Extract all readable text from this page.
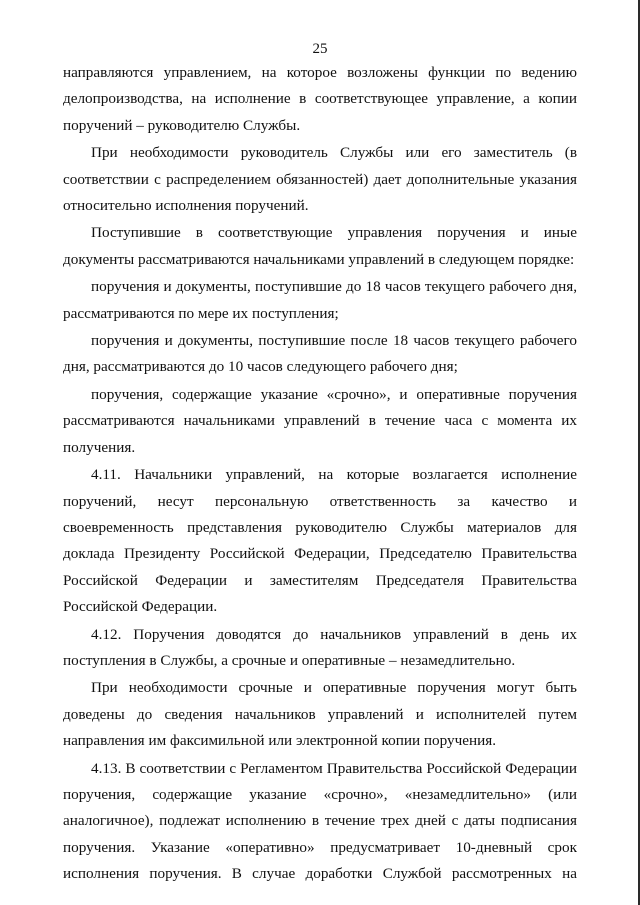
25

направляются управлением, на которое возложены функции по ведению делопроизводства, на исполнение в соответствующее управление, а копии поручений – руководителю Службы.

При необходимости руководитель Службы или его заместитель (в соответствии с распределением обязанностей) дает дополнительные указания относительно исполнения поручений.

Поступившие в соответствующие управления поручения и иные документы рассматриваются начальниками управлений в следующем порядке:

поручения и документы, поступившие до 18 часов текущего рабочего дня, рассматриваются по мере их поступления;

поручения и документы, поступившие после 18 часов текущего рабочего дня, рассматриваются до 10 часов следующего рабочего дня;

поручения, содержащие указание «срочно», и оперативные поручения рассматриваются начальниками управлений в течение часа с момента их получения.

4.11. Начальники управлений, на которые возлагается исполнение поручений, несут персональную ответственность за качество и своевременность представления руководителю Службы материалов для доклада Президенту Российской Федерации, Председателю Правительства Российской Федерации и заместителям Председателя Правительства Российской Федерации.

4.12. Поручения доводятся до начальников управлений в день их поступления в Службы, а срочные и оперативные – незамедлительно.

При необходимости срочные и оперативные поручения могут быть доведены до сведения начальников управлений и исполнителей путем направления им факсимильной или электронной копии поручения.

4.13. В соответствии с Регламентом Правительства Российской Федерации поручения, содержащие указание «срочно», «незамедлительно» (или аналогичное), подлежат исполнению в течение трех дней с даты подписания поручения. Указание «оперативно» предусматривает 10-дневный срок исполнения поручения. В случае доработки Службой рассмотренных на
